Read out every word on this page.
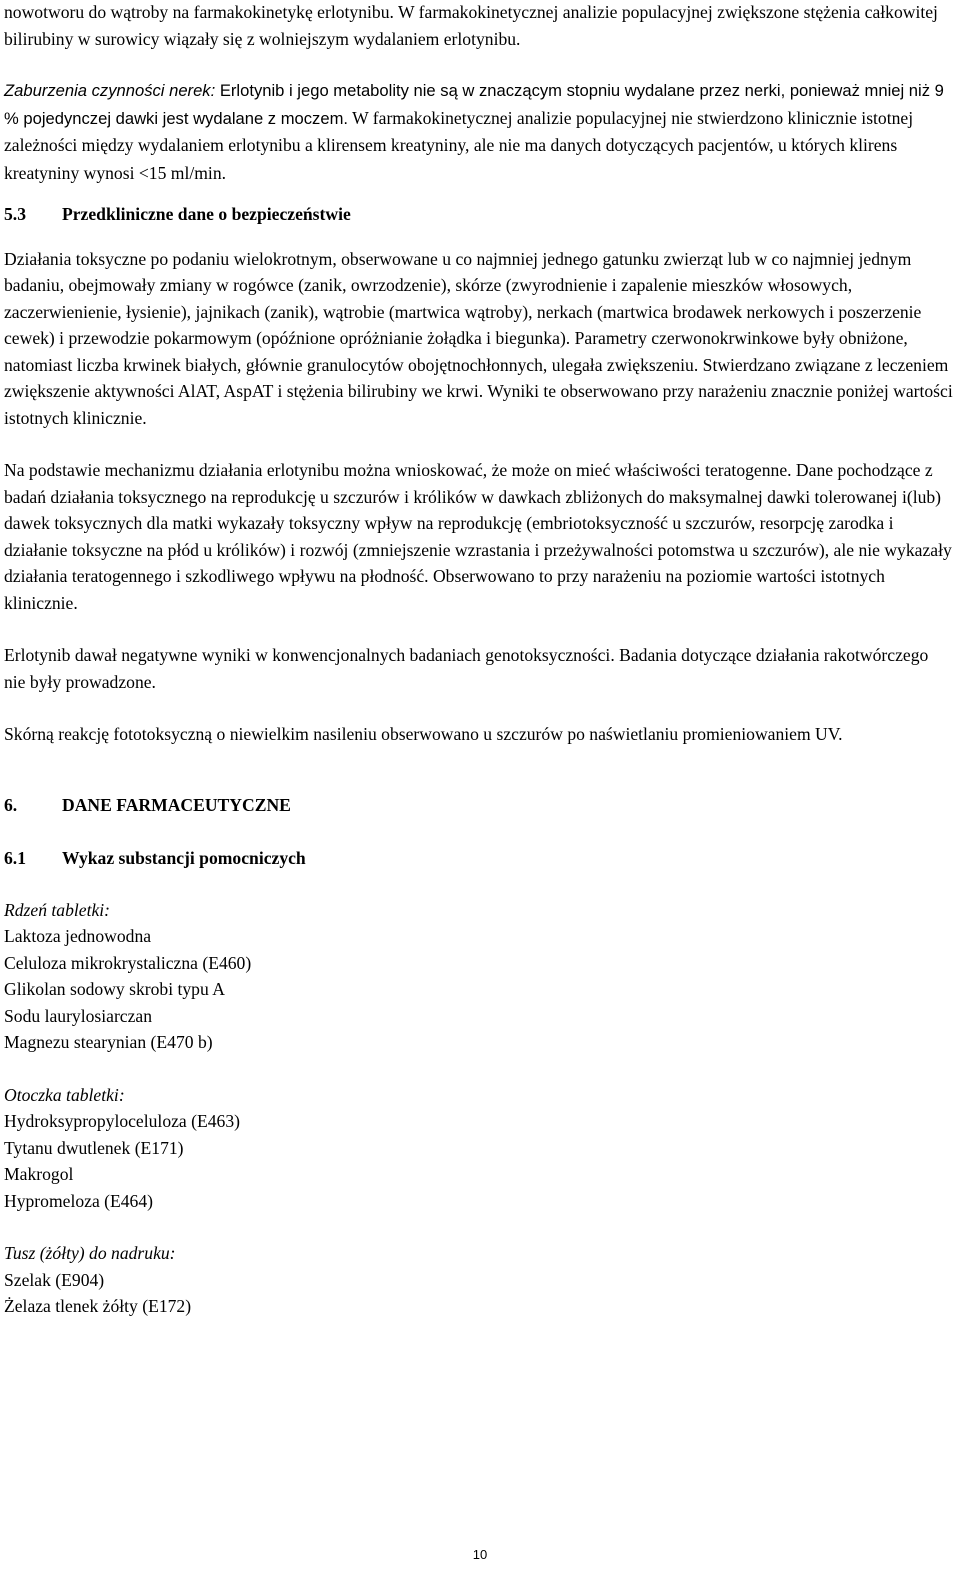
nowotworu do wątroby na farmakokinetykę erlotynibu. W farmakokinetycznej analizie populacyjnej zwiększone stężenia całkowitej bilirubiny w surowicy wiązały się z wolniejszym wydalaniem erlotynibu.

Zaburzenia czynności nerek: Erlotynib i jego metabolity nie są w znaczącym stopniu wydalane przez nerki, ponieważ mniej niż 9 % pojedynczej dawki jest wydalane z moczem. W farmakokinetycznej analizie populacyjnej nie stwierdzono klinicznie istotnej zależności między wydalaniem erlotynibu a klirensem kreatyniny, ale nie ma danych dotyczących pacjentów, u których klirens kreatyniny wynosi <15 ml/min.

5.3 Przedkliniczne dane o bezpieczeństwie

Działania toksyczne po podaniu wielokrotnym, obserwowane u co najmniej jednego gatunku zwierząt lub w co najmniej jednym badaniu, obejmowały zmiany w rogówce (zanik, owrzodzenie), skórze (zwyrodnienie i zapalenie mieszków włosowych, zaczerwienienie, łysienie), jajnikach (zanik), wątrobie (martwica wątroby), nerkach (martwica brodawek nerkowych i poszerzenie cewek) i przewodzie pokarmowym (opóźnione opróżnianie żołądka i biegunka). Parametry czerwonokrwinkowe były obniżone, natomiast liczba krwinek białych, głównie granulocytów obojętnochłonnych, ulegała zwiększeniu. Stwierdzano związane z leczeniem zwiększenie aktywności AlAT, AspAT i stężenia bilirubiny we krwi. Wyniki te obserwowano przy narażeniu znacznie poniżej wartości istotnych klinicznie.

Na podstawie mechanizmu działania erlotynibu można wnioskować, że może on mieć właściwości teratogenne. Dane pochodzące z badań działania toksycznego na reprodukcję u szczurów i królików w dawkach zbliżonych do maksymalnej dawki tolerowanej i(lub) dawek toksycznych dla matki wykazały toksyczny wpływ na reprodukcję (embriotoksyczność u szczurów, resorpcję zarodka i działanie toksyczne na płód u królików) i rozwój (zmniejszenie wzrastania i przeżywalności potomstwa u szczurów), ale nie wykazały działania teratogennego i szkodliwego wpływu na płodność. Obserwowano to przy narażeniu na poziomie wartości istotnych klinicznie.

Erlotynib dawał negatywne wyniki w konwencjonalnych badaniach genotoksyczności. Badania dotyczące działania rakotwórczego nie były prowadzone.

Skórną reakcję fototoksyczną o niewielkim nasileniu obserwowano u szczurów po naświetlaniu promieniowaniem UV.

6.	DANE FARMACEUTYCZNE
6.1 Wykaz substancji pomocniczych
Rdzeń tabletki:
Laktoza jednowodna
Celuloza mikrokrystaliczna (E460)
Glikolan sodowy skrobi typu A
Sodu laurylosiarczan
Magnezu stearynian (E470 b)
Otoczka tabletki:
Hydroksypropyloceluloza (E463)
Tytanu dwutlenek (E171)
Makrogol
Hypromeloza (E464)
Tusz (żółty) do nadruku:
Szelak (E904)
Żelaza tlenek żółty (E172)
10
